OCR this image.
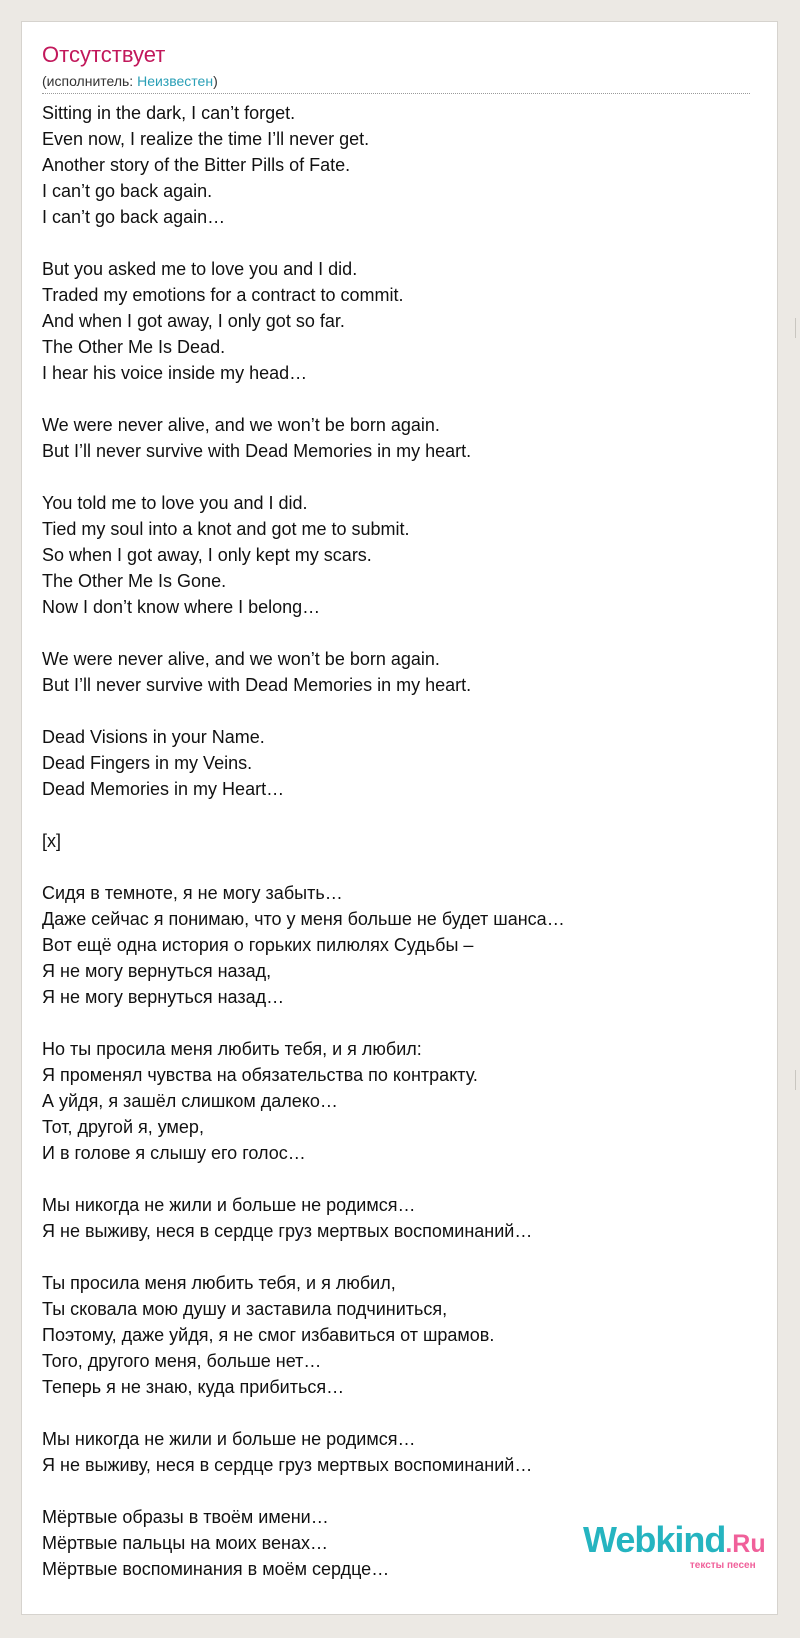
Отсутствует
(исполнитель: Неизвестен)
Sitting in the dark, I can’t forget.
Even now, I realize the time I’ll never get.
Another story of the Bitter Pills of Fate.
I can’t go back again.
I can’t go back again…
But you asked me to love you and I did.
Traded my emotions for a contract to commit.
And when I got away, I only got so far.
The Other Me Is Dead.
I hear his voice inside my head…
We were never alive, and we won’t be born again.
But I’ll never survive with Dead Memories in my heart.
You told me to love you and I did.
Tied my soul into a knot and got me to submit.
So when I got away, I only kept my scars.
The Other Me Is Gone.
Now I don’t know where I belong…
We were never alive, and we won’t be born again.
But I’ll never survive with Dead Memories in my heart.
Dead Visions in your Name.
Dead Fingers in my Veins.
Dead Memories in my Heart…
[x]
Сидя в темноте, я не могу забыть…
Даже сейчас я понимаю, что у меня больше не будет шанса…
Вот ещё одна история о горьких пилюлях Судьбы –
Я не могу вернуться назад,
Я не могу вернуться назад…
Но ты просила меня любить тебя, и я любил:
Я променял чувства на обязательства по контракту.
А уйдя, я зашёл слишком далеко…
Тот, другой я, умер,
И в голове я слышу его голос…
Мы никогда не жили и больше не родимся…
Я не выживу, неся в сердце груз мертвых воспоминаний…
Ты просила меня любить тебя, и я любил,
Ты сковала мою душу и заставила подчиниться,
Поэтому, даже уйдя, я не смог избавиться от шрамов.
Того, другого меня, больше нет…
Теперь я не знаю, куда прибиться…
Мы никогда не жили и больше не родимся…
Я не выживу, неся в сердце груз мертвых воспоминаний…
Мёртвые образы в твоём имени…
Мёртвые пальцы на моих венах…
Мёртвые воспоминания в моём сердце…
Webkind.Ru
тексты песен
